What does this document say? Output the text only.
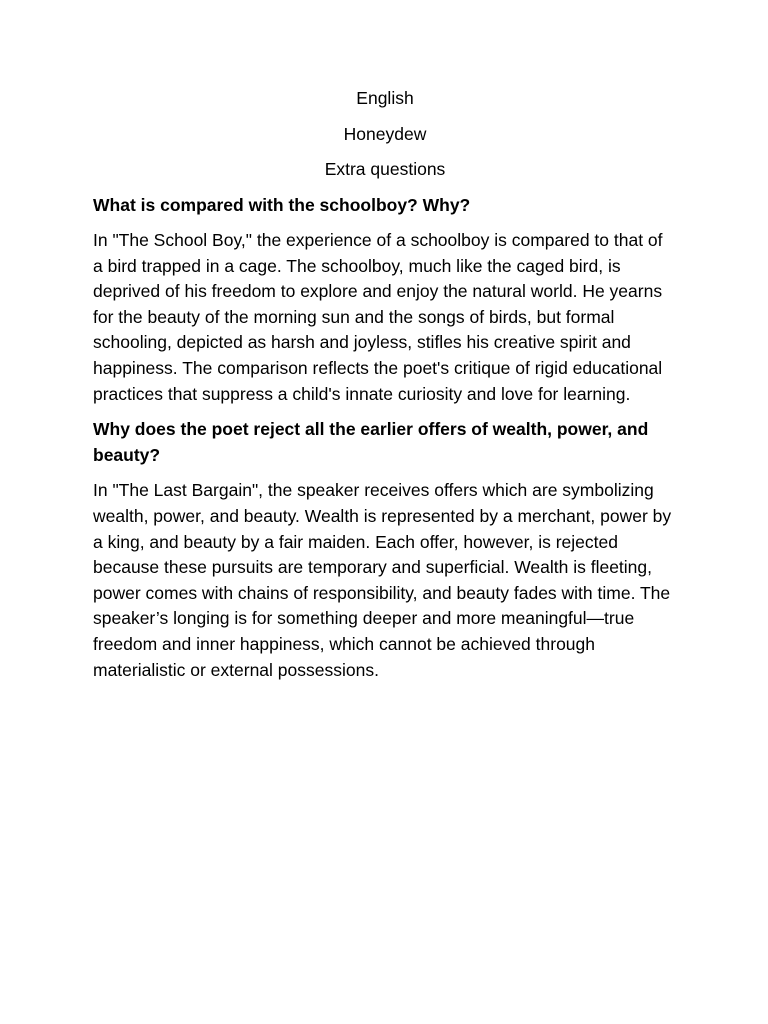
English

Honeydew

Extra questions

What is compared with the schoolboy? Why?

In "The School Boy," the experience of a schoolboy is compared to that of a bird trapped in a cage. The schoolboy, much like the caged bird, is deprived of his freedom to explore and enjoy the natural world. He yearns for the beauty of the morning sun and the songs of birds, but formal schooling, depicted as harsh and joyless, stifles his creative spirit and happiness. The comparison reflects the poet's critique of rigid educational practices that suppress a child's innate curiosity and love for learning.

Why does the poet reject all the earlier offers of wealth, power, and beauty?

In "The Last Bargain", the speaker receives offers which are symbolizing wealth, power, and beauty. Wealth is represented by a merchant, power by a king, and beauty by a fair maiden. Each offer, however, is rejected because these pursuits are temporary and superficial. Wealth is fleeting, power comes with chains of responsibility, and beauty fades with time. The speaker’s longing is for something deeper and more meaningful—true freedom and inner happiness, which cannot be achieved through materialistic or external possessions.
